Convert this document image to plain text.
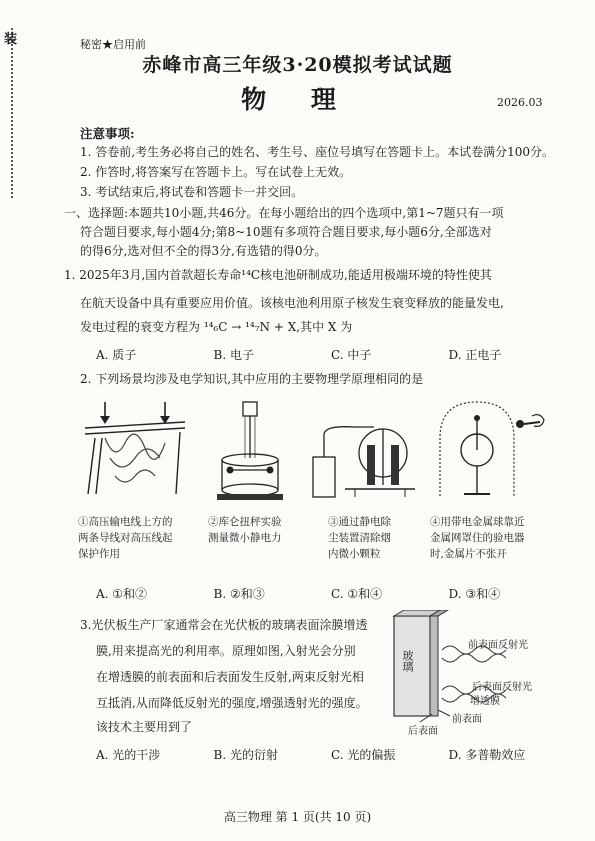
装	秘密★启用前
赤峰市高三年级3·20模拟考试试题
物 理	2026.03
注意事项:
1. 答卷前,考生务必将自己的姓名、考生号、座位号填写在答题卡上。本试卷满分100分。
2. 作答时,将答案写在答题卡上。写在试卷上无效。
3. 考试结束后,将试卷和答题卡一并交回。
一、选择题:本题共10小题,共46分。在每小题给出的四个选项中,第1~7题只有一项
符合题目要求,每小题4分;第8~10题有多项符合题目要求,每小题6分,全部选对
的得6分,选对但不全的得3分,有选错的得0分。
1. 2025年3月,国内首款超长寿命¹⁴C核电池研制成功,能适用极端环境的特性使其
在航天设备中具有重要应用价值。该核电池利用原子核发生衰变释放的能量发电,
发电过程的衰变方程为 ¹⁴₆C → ¹⁴₇N + X,其中 X 为
A. 质子	B. 电子	C. 中子	D. 正电子
2. 下列场景均涉及电学知识,其中应用的主要物理学原理相同的是
①高压输电线上方的
两条导线对高压线起
保护作用
②库仑扭秤实验
测量微小静电力
③通过静电除
尘装置清除烟
内微小颗粒
④用带电金属球靠近
金属网罩住的验电器
时,金属片不张开
A. ①和②	B. ②和③	C. ①和④	D. ③和④
3.光伏板生产厂家通常会在光伏板的玻璃表面涂膜增透
膜,用来提高光的利用率。原理如图,入射光会分别
在增透膜的前表面和后表面发生反射,两束反射光相
互抵消,从而降低反射光的强度,增强透射光的强度。
该技术主要用到了
玻璃
前表面反射光
后表面反射光
增透膜
后表面
前表面
A. 光的干涉	B. 光的衍射	C. 光的偏振	D. 多普勒效应
高三物理 第 1 页(共 10 页)
